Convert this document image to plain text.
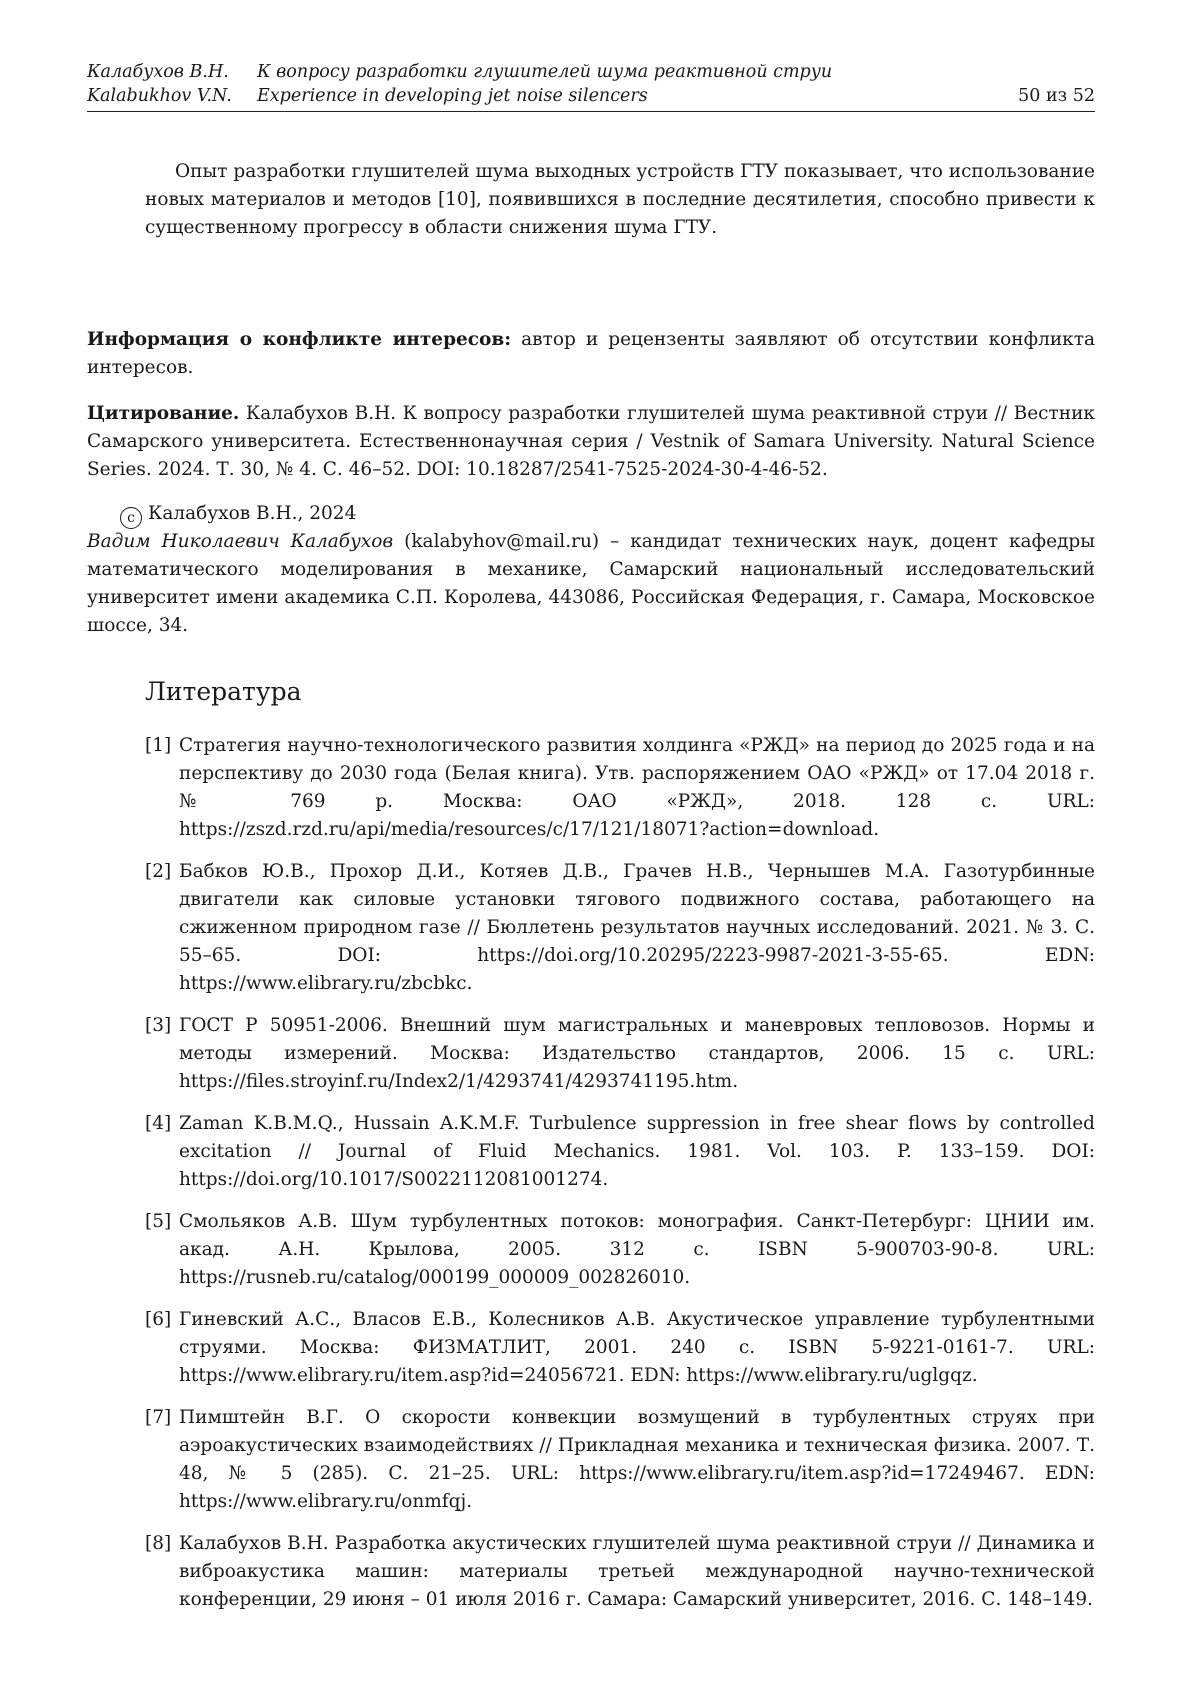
Калабухов В.Н. К вопросу разработки глушителей шума реактивной струи
Kalabukhov V.N. Experience in developing jet noise silencers	50 из 52

Опыт разработки глушителей шума выходных устройств ГТУ показывает, что использование новых материалов и методов [10], появившихся в последние десятилетия, способно привести к существенному прогрессу в области снижения шума ГТУ.

Информация о конфликте интересов: автор и рецензенты заявляют об отсутствии конфликта интересов.

Цитирование. Калабухов В.Н. К вопросу разработки глушителей шума реактивной струи // Вестник Самарского университета. Естественнонаучная серия / Vestnik of Samara University. Natural Science Series. 2024. Т. 30, № 4. С. 46–52. DOI: 10.18287/2541-7525-2024-30-4-46-52.

c Калабухов В.Н., 2024

Вадим Николаевич Калабухов (kalabyhov@mail.ru) – кандидат технических наук, доцент кафедры математического моделирования в механике, Самарский национальный исследовательский университет имени академика С.П. Королева, 443086, Российская Федерация, г. Самара, Московское шоссе, 34.

Литература
[1] Стратегия научно-технологического развития холдинга «РЖД» на период до 2025 года и на перспективу до 2030 года (Белая книга). Утв. распоряжением ОАО «РЖД» от 17.04 2018 г. № 769 р. Москва: ОАО «РЖД», 2018. 128 с. URL: https://zszd.rzd.ru/api/media/resources/c/17/121/18071?action=download.
[2] Бабков Ю.В., Прохор Д.И., Котяев Д.В., Грачев Н.В., Чернышев М.А. Газотурбинные двигатели как силовые установки тягового подвижного состава, работающего на сжиженном природном газе // Бюллетень результатов научных исследований. 2021. № 3. С. 55–65. DOI: https://doi.org/10.20295/2223-9987-2021-3-55-65. EDN: https://www.elibrary.ru/zbcbkc.
[3] ГОСТ Р 50951-2006. Внешний шум магистральных и маневровых тепловозов. Нормы и методы измерений. Москва: Издательство стандартов, 2006. 15 с. URL: https://files.stroyinf.ru/Index2/1/4293741/4293741195.htm.
[4] Zaman K.B.M.Q., Hussain A.K.M.F. Turbulence suppression in free shear flows by controlled excitation // Journal of Fluid Mechanics. 1981. Vol. 103. P. 133–159. DOI: https://doi.org/10.1017/S0022112081001274.
[5] Смольяков А.В. Шум турбулентных потоков: монография. Санкт-Петербург: ЦНИИ им. акад. А.Н. Крылова, 2005. 312 с. ISBN 5-900703-90-8. URL: https://rusneb.ru/catalog/000199_000009_002826010.
[6] Гиневский А.С., Власов Е.В., Колесников А.В. Акустическое управление турбулентными струями. Москва: ФИЗМАТЛИТ, 2001. 240 с. ISBN 5-9221-0161-7. URL: https://www.elibrary.ru/item.asp?id=24056721. EDN: https://www.elibrary.ru/uglgqz.
[7] Пимштейн В.Г. О скорости конвекции возмущений в турбулентных струях при аэроакустических взаимодействиях // Прикладная механика и техническая физика. 2007. Т. 48, № 5 (285). С. 21–25. URL: https://www.elibrary.ru/item.asp?id=17249467. EDN: https://www.elibrary.ru/onmfqj.
[8] Калабухов В.Н. Разработка акустических глушителей шума реактивной струи // Динамика и виброакустика машин: материалы третьей международной научно-технической конференции, 29 июня – 01 июля 2016 г. Самара: Самарский университет, 2016. С. 148–149.
